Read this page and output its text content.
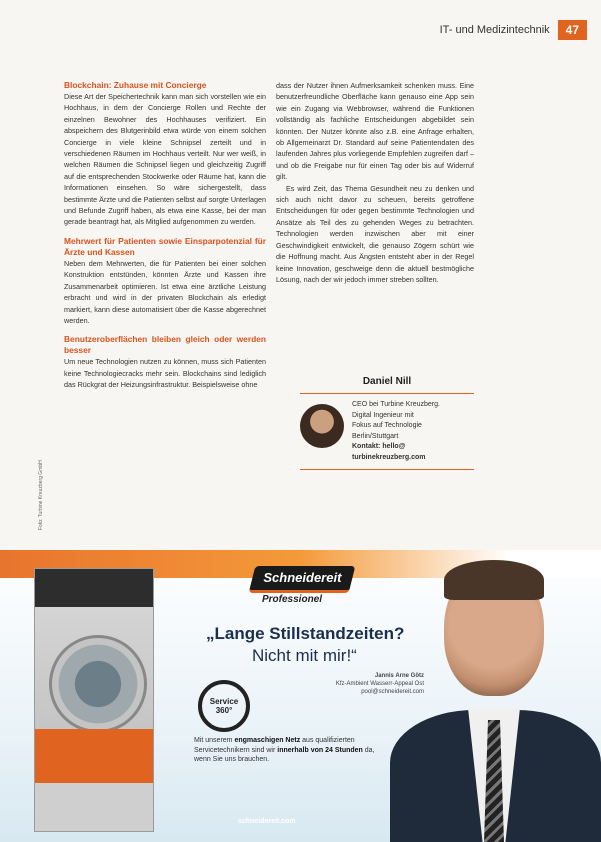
IT- und Medizintechnik	47
Blockchain: Zuhause mit Concierge

Diese Art der Speichertechnik kann man sich vorstellen wie ein Hochhaus, in dem der Concierge Rollen und Rechte der einzelnen Bewohner des Hochhauses verifiziert. Ein abspeichern des Blutgerinbild etwa würde von einem solchen Concierge in viele kleine Schnipsel zerteilt und in verschiedenen Räumen im Hochhaus verteilt. Nur wer weiß, in welchen Räumen die Schnipsel liegen und gleichzeitig Zugriff auf die entsprechenden Stockwerke oder Räume hat, kann die Informationen einsehen. So wäre sichergestellt, dass bestimmte Ärzte und die Patienten selbst auf sorgte Unterlagen und Befunde Zugriff haben, als etwa eine Kasse, bei der man gerade beantragt hat, als Mitglied aufgenommen zu werden.

Mehrwert für Patienten sowie Einsparpotenzial für Ärzte und Kassen

Neben dem Mehrwerten, die für Patienten bei einer solchen Konstruktion entstünden, könnten Ärzte und Kassen ihre Zusammenarbeit optimieren. Ist etwa eine ärztliche Leistung erbracht und wird in der privaten Blockchain als erledigt markiert, kann diese automatisiert über die Kasse abgerechnet werden.

Benutzeroberflächen bleiben gleich oder werden besser

Um neue Technologien nutzen zu können, muss sich Patienten keine Technologiecracks mehr sein. Blockchains sind lediglich das Rückgrat der Heizungsinfrastruktur. Beispielsweise ohne

dass der Nutzer ihnen Aufmerksamkeit schenken muss. Eine benutzerfreundliche Oberfläche kann genauso eine App sein wie ein Zugang via Webbrowser, während die Funktionen vollständig als fachliche Entscheidungen abgebildet sein könnten. Der Nutzer könnte also z.B. eine Anfrage erhalten, ob Allgemeinarzt Dr. Standard auf seine Patientendaten des laufenden Jahres plus vorliegende Empfehlen zugreifen darf – und ob die Freigabe nur für einen Tag oder bis auf Widerruf gilt.

Es wird Zeit, das Thema Gesundheit neu zu denken und sich auch nicht davor zu scheuen, bereits getroffene Entscheidungen für oder gegen bestimmte Technologien und Ansätze als Teil des zu gehenden Weges zu betrachten. Technologien werden inzwischen aber mit einer Geschwindigkeit entwickelt, die genauso Zögern schürt wie die Hoffnung macht. Aus Ängsten entsteht aber in der Regel keine Innovation, geschweige denn die aktuell bestmögliche Lösung, nach der wir jedoch immer streben sollten.

Foto: Turbine Kreuzberg GmbH
Daniel Nill
CEO bei Turbine Kreuzberg.
Digital Ingenieur mit
Fokus auf Technologie
Berlin/Stuttgart
Kontakt: hello@
turbinekreuzberg.com
Schneidereit
Professionel
„Lange Stillstandzeiten?
Nicht mit mir!“
Jannis Arne Götz
Kfz-Ambient Wasserr-Appeal Ost
pool@schneidereit.com
Service 360°
Mit unserem engmaschigen Netz aus qualifizierten Servicetechnikern sind wir innerhalb von 24 Stunden da, wenn Sie uns brauchen.
schneidereit.com
